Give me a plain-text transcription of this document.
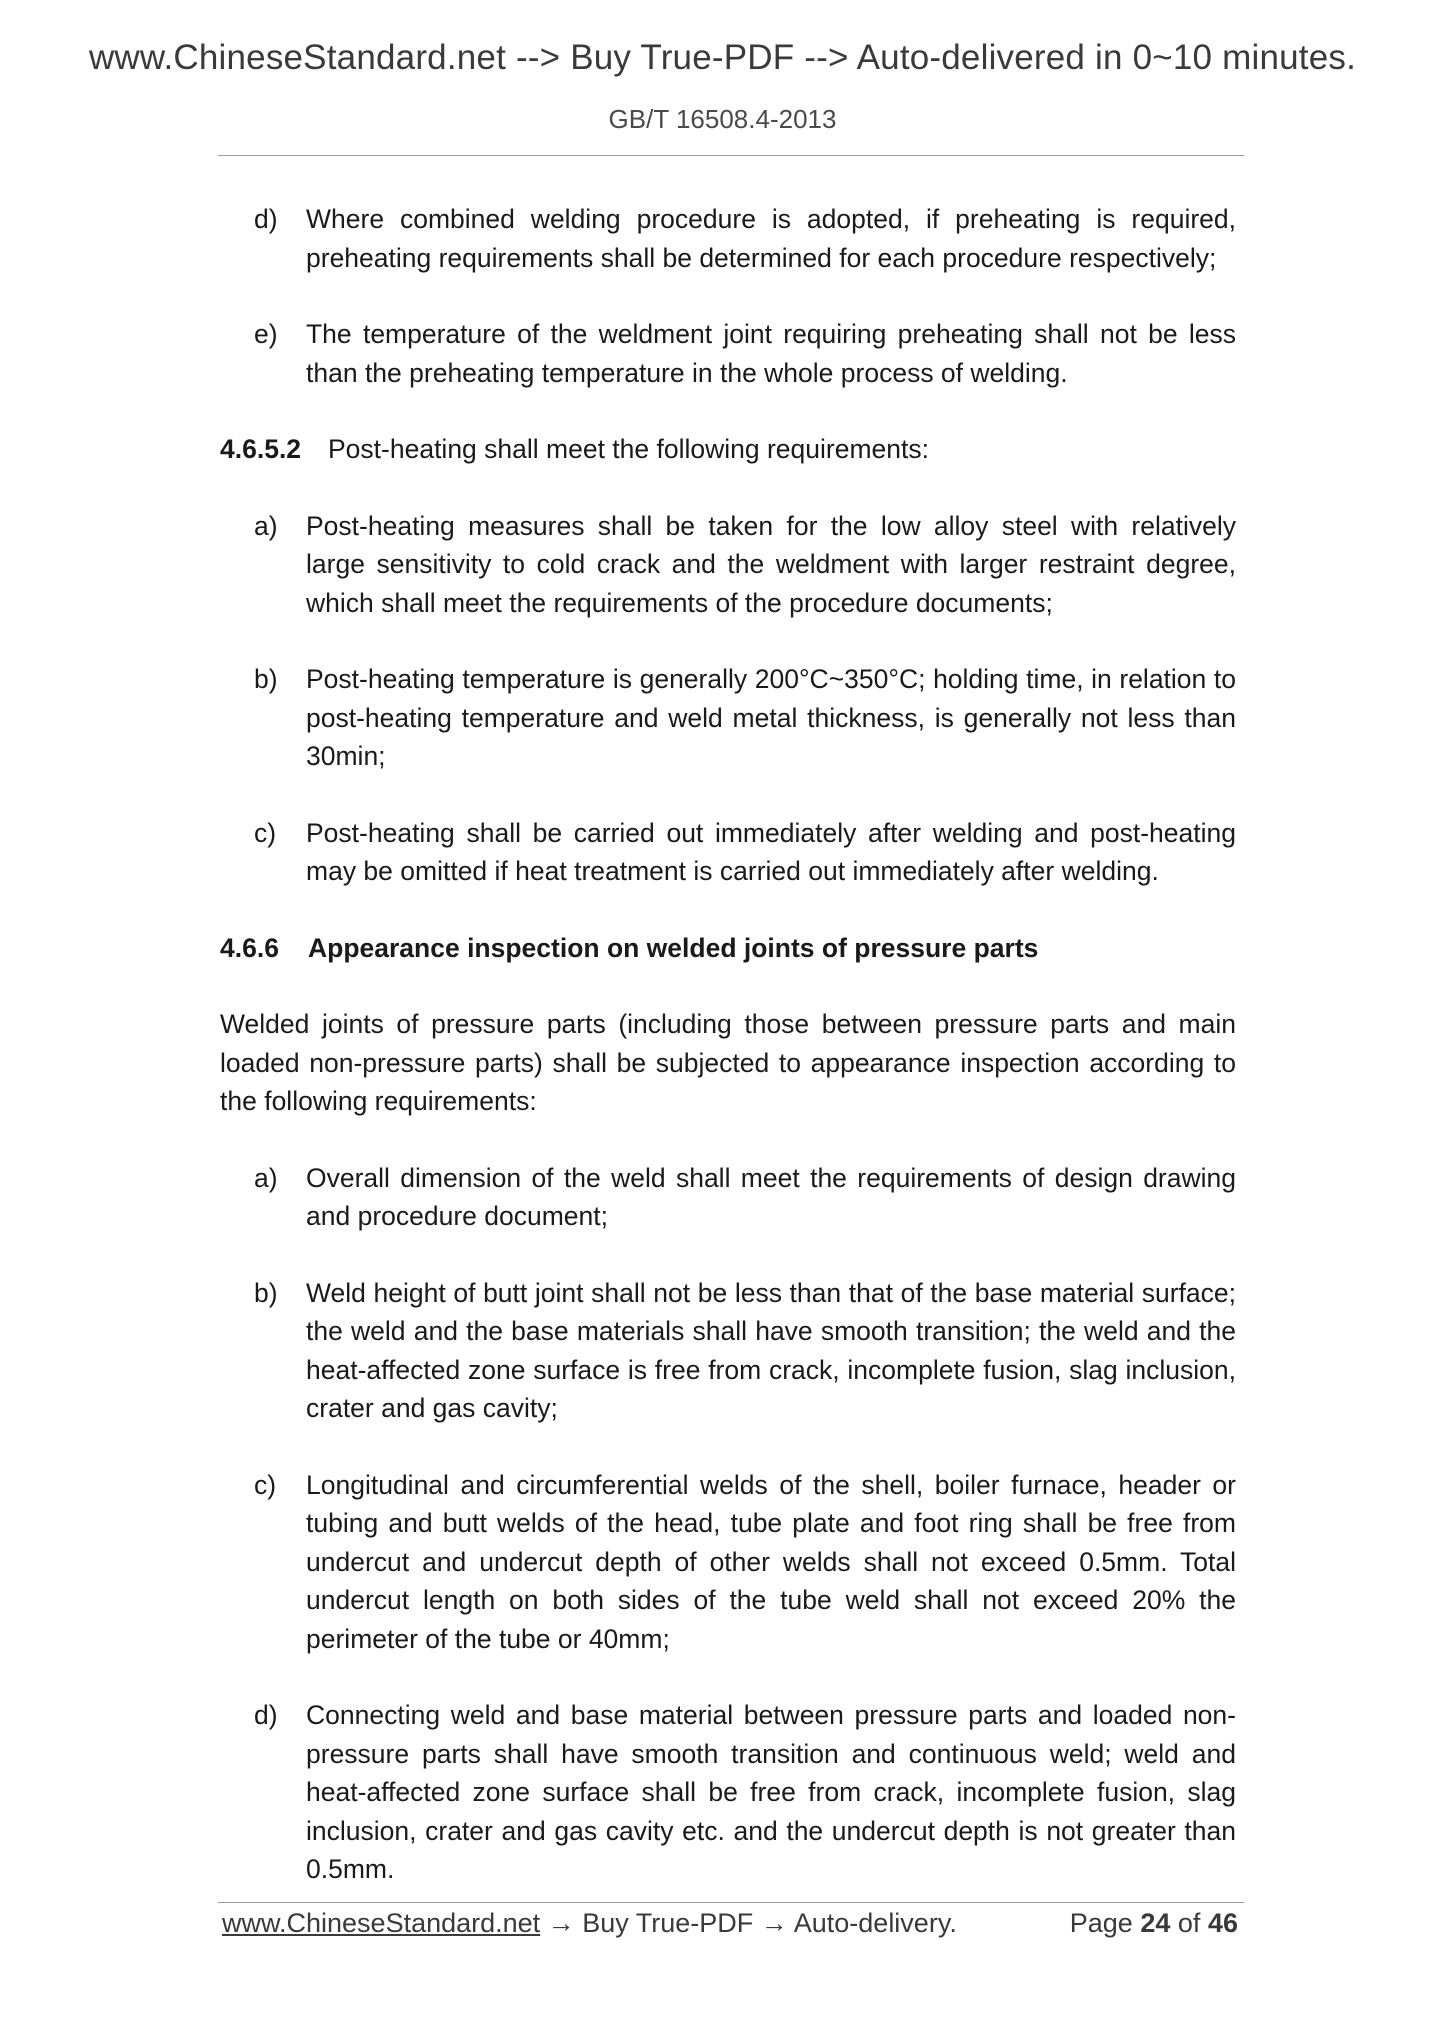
www.ChineseStandard.net --> Buy True-PDF --> Auto-delivered in 0~10 minutes.
GB/T 16508.4-2013
d) Where combined welding procedure is adopted, if preheating is required, preheating requirements shall be determined for each procedure respectively;
e) The temperature of the weldment joint requiring preheating shall not be less than the preheating temperature in the whole process of welding.
4.6.5.2 Post-heating shall meet the following requirements:
a) Post-heating measures shall be taken for the low alloy steel with relatively large sensitivity to cold crack and the weldment with larger restraint degree, which shall meet the requirements of the procedure documents;
b) Post-heating temperature is generally 200°C~350°C; holding time, in relation to post-heating temperature and weld metal thickness, is generally not less than 30min;
c) Post-heating shall be carried out immediately after welding and post-heating may be omitted if heat treatment is carried out immediately after welding.
4.6.6 Appearance inspection on welded joints of pressure parts
Welded joints of pressure parts (including those between pressure parts and main loaded non-pressure parts) shall be subjected to appearance inspection according to the following requirements:
a) Overall dimension of the weld shall meet the requirements of design drawing and procedure document;
b) Weld height of butt joint shall not be less than that of the base material surface; the weld and the base materials shall have smooth transition; the weld and the heat-affected zone surface is free from crack, incomplete fusion, slag inclusion, crater and gas cavity;
c) Longitudinal and circumferential welds of the shell, boiler furnace, header or tubing and butt welds of the head, tube plate and foot ring shall be free from undercut and undercut depth of other welds shall not exceed 0.5mm. Total undercut length on both sides of the tube weld shall not exceed 20% the perimeter of the tube or 40mm;
d) Connecting weld and base material between pressure parts and loaded non-pressure parts shall have smooth transition and continuous weld; weld and heat-affected zone surface shall be free from crack, incomplete fusion, slag inclusion, crater and gas cavity etc. and the undercut depth is not greater than 0.5mm.
www.ChineseStandard.net → Buy True-PDF → Auto-delivery.	Page 24 of 46
